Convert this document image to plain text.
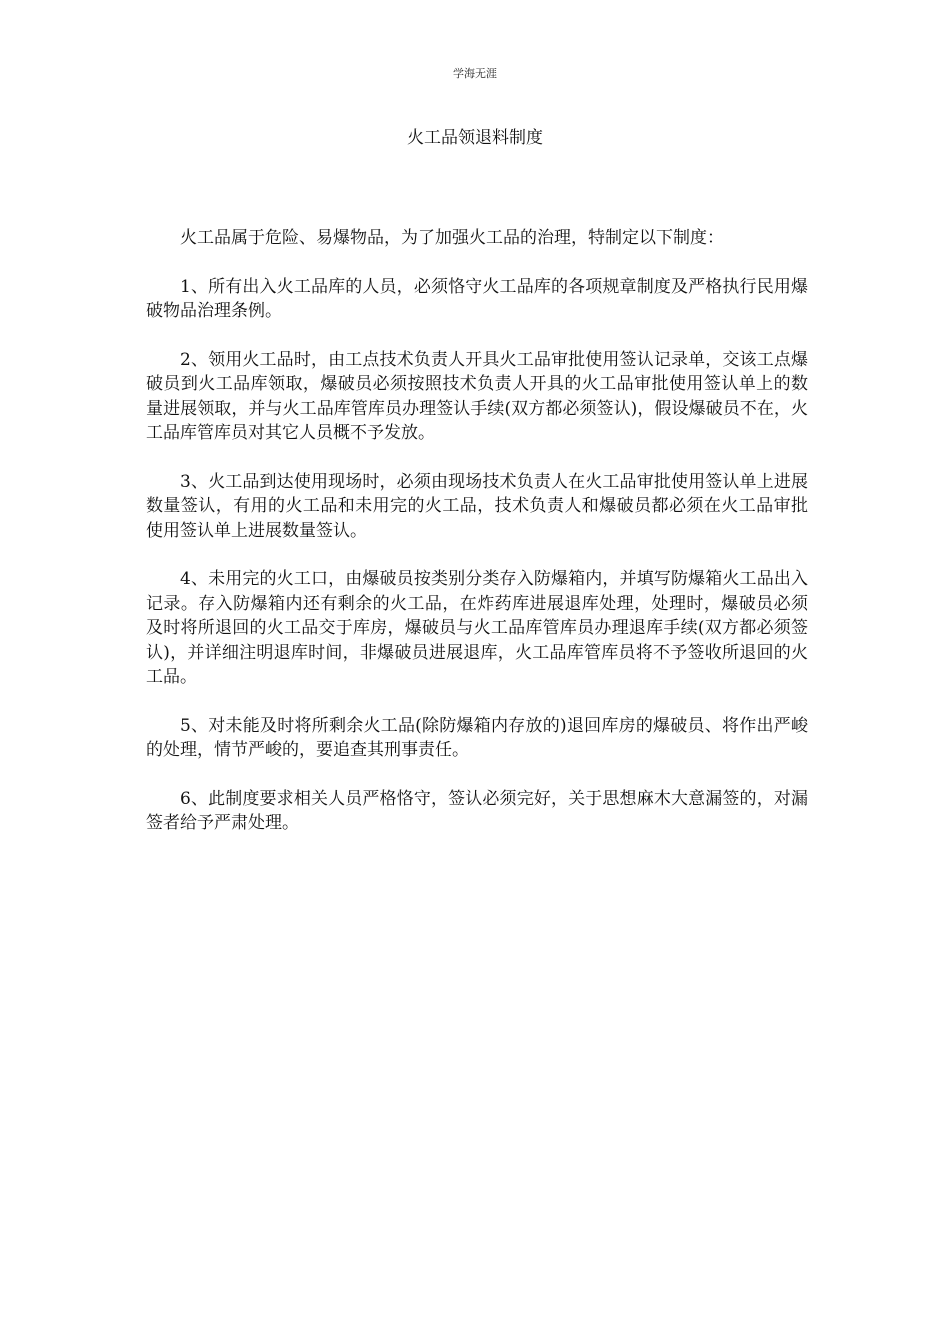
学海无涯
火工品领退料制度

火工品属于危险、易爆物品，为了加强火工品的治理，特制定以下制度：

1、所有出入火工品库的人员，必须恪守火工品库的各项规章制度及严格执行民用爆破物品治理条例。

2、领用火工品时，由工点技术负责人开具火工品审批使用签认记录单，交该工点爆破员到火工品库领取，爆破员必须按照技术负责人开具的火工品审批使用签认单上的数量进展领取，并与火工品库管库员办理签认手续(双方都必须签认)，假设爆破员不在，火工品库管库员对其它人员概不予发放。

3、火工品到达使用现场时，必须由现场技术负责人在火工品审批使用签认单上进展数量签认，有用的火工品和未用完的火工品，技术负责人和爆破员都必须在火工品审批使用签认单上进展数量签认。

4、未用完的火工口，由爆破员按类别分类存入防爆箱内，并填写防爆箱火工品出入记录。存入防爆箱内还有剩余的火工品，在炸药库进展退库处理，处理时，爆破员必须及时将所退回的火工品交于库房，爆破员与火工品库管库员办理退库手续(双方都必须签认)，并详细注明退库时间，非爆破员进展退库，火工品库管库员将不予签收所退回的火工品。

5、对未能及时将所剩余火工品(除防爆箱内存放的)退回库房的爆破员、将作出严峻的处理，情节严峻的，要追查其刑事责任。

6、此制度要求相关人员严格恪守，签认必须完好，关于思想麻木大意漏签的，对漏签者给予严肃处理。
